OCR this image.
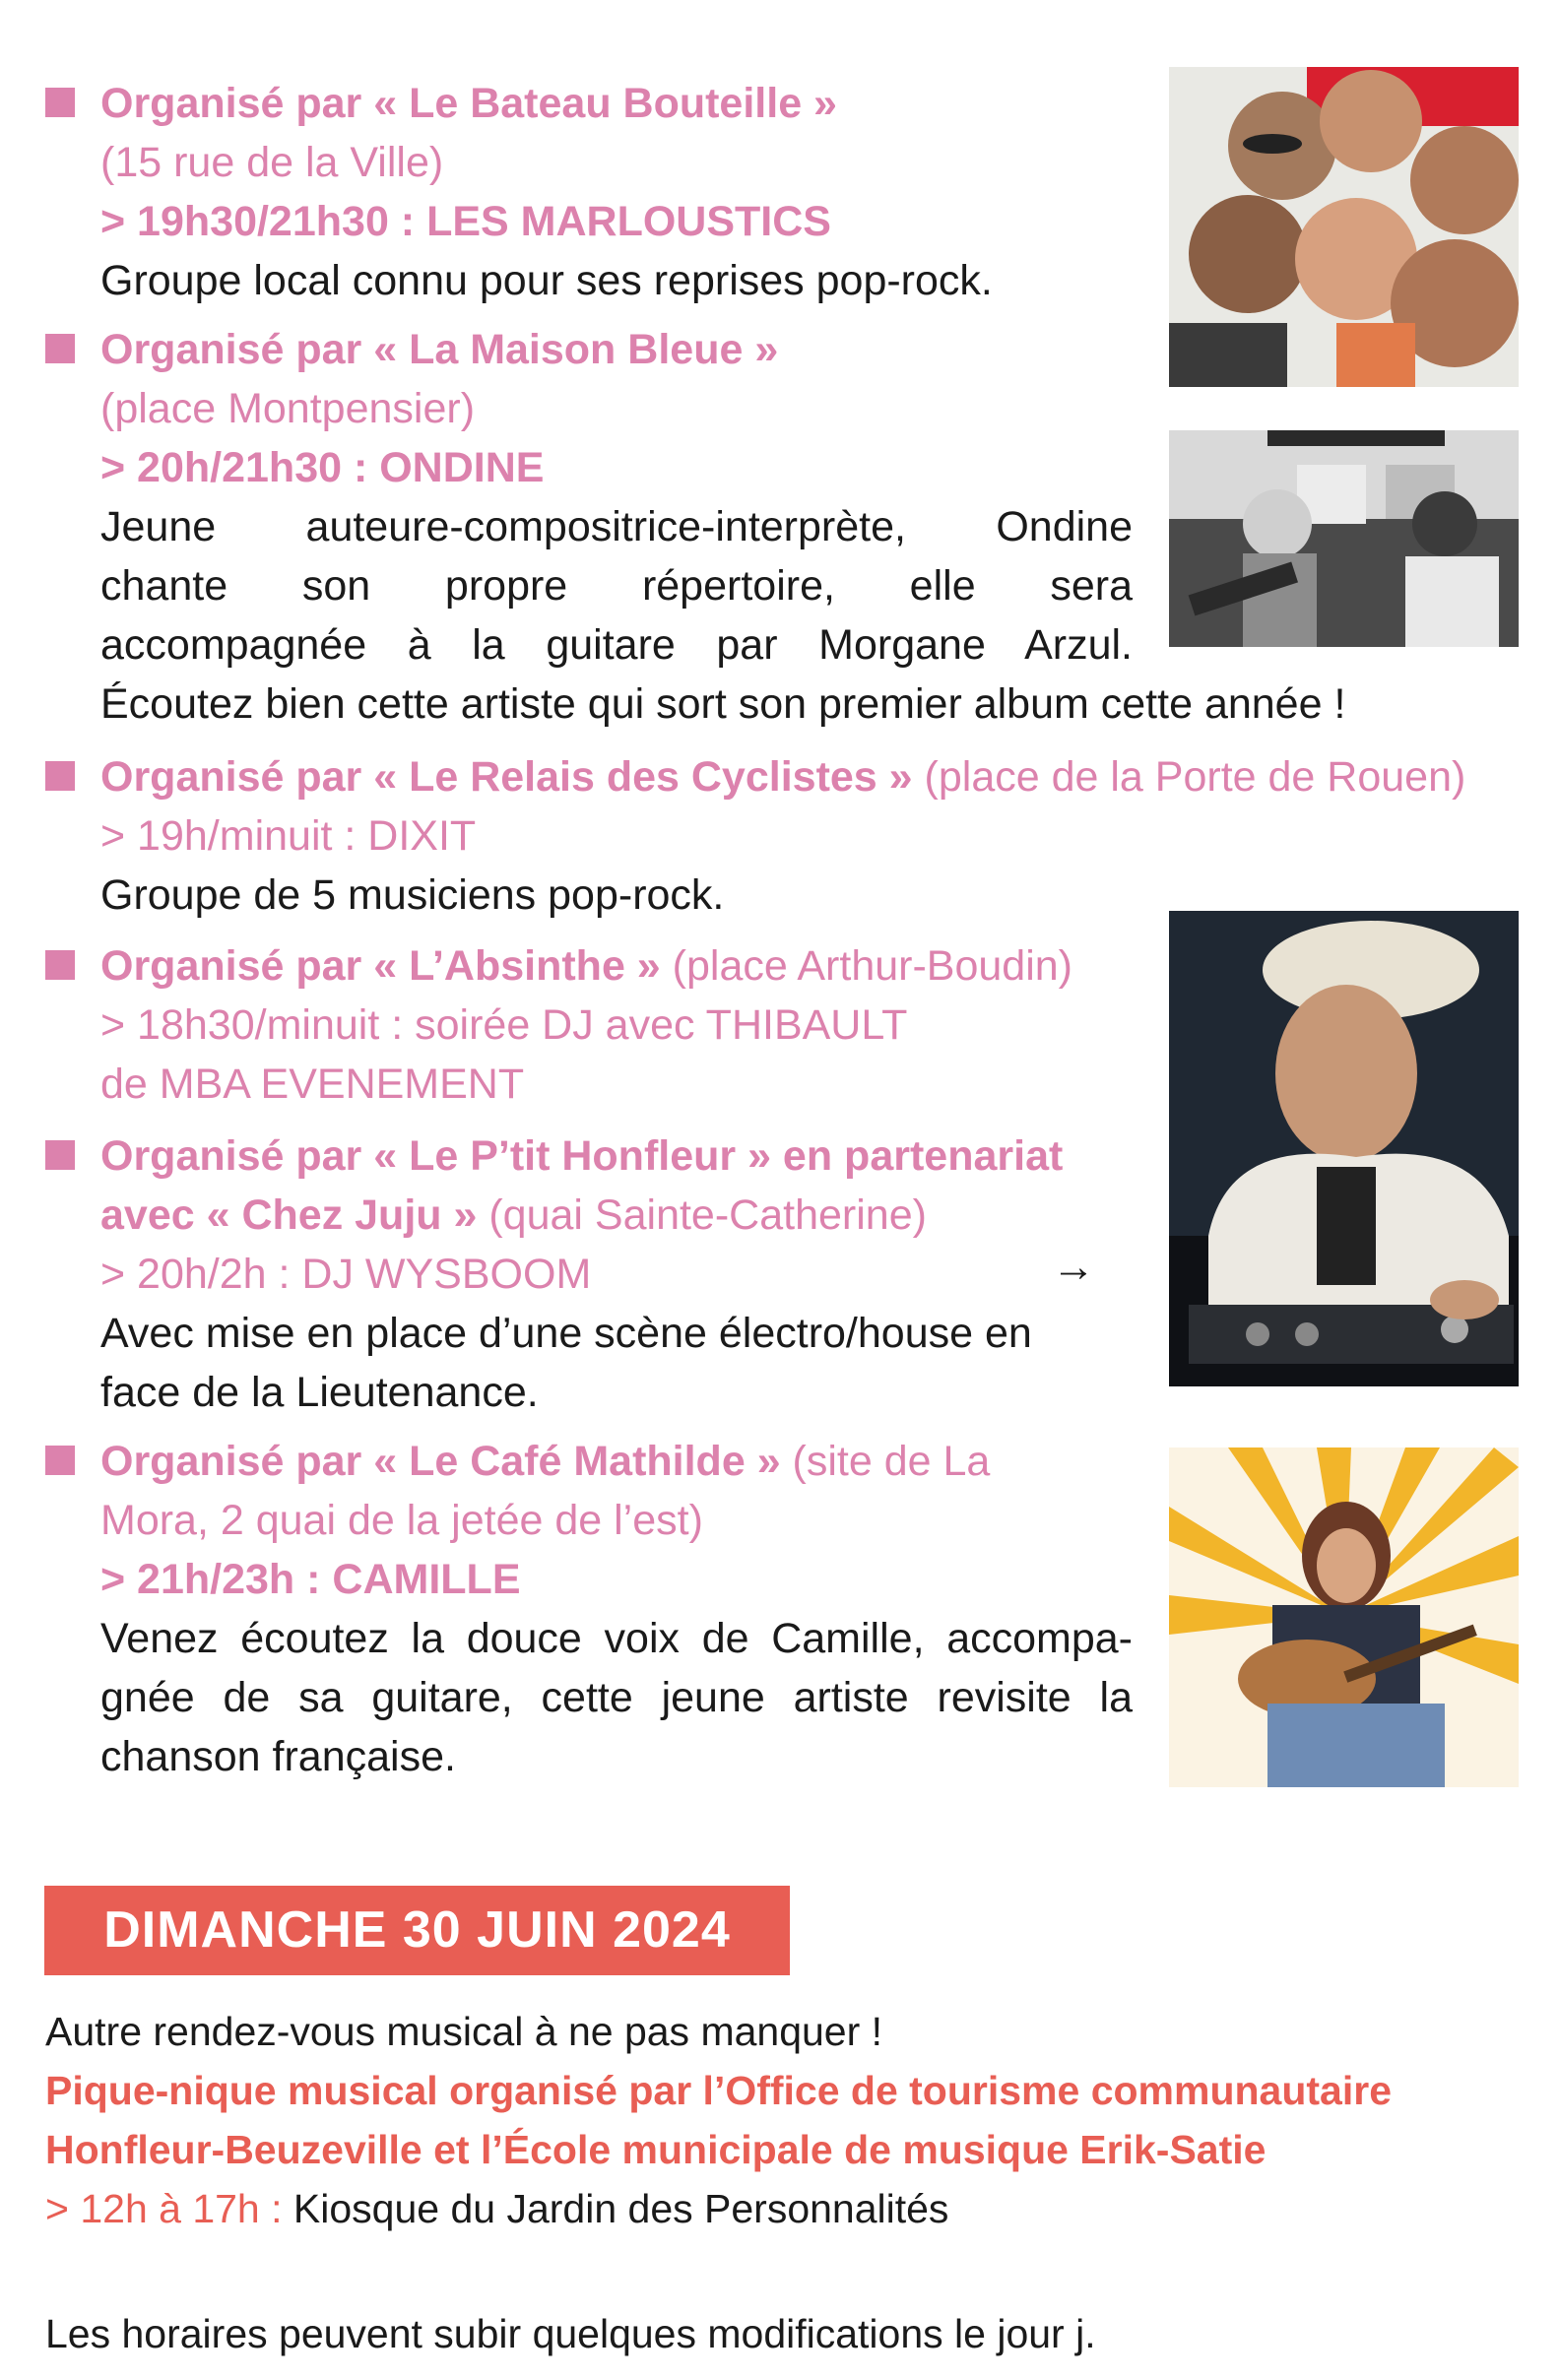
Organisé par « Le Bateau Bouteille »
(15 rue de la Ville)
> 19h30/21h30 : LES MARLOUSTICS
Groupe local connu pour ses reprises pop-rock.
Organisé par « La Maison Bleue »
(place Montpensier)
> 20h/21h30 : ONDINE
Jeune auteure-compositrice-interprète, Ondine
chante son propre répertoire, elle sera
accompagnée à la guitare par Morgane Arzul.
Écoutez bien cette artiste qui sort son premier album cette année !
Organisé par « Le Relais des Cyclistes » (place de la Porte de Rouen)
> 19h/minuit : DIXIT
Groupe de 5 musiciens pop-rock.
Organisé par « L’Absinthe » (place Arthur-Boudin)
> 18h30/minuit : soirée DJ avec THIBAULT
de MBA EVENEMENT
Organisé par « Le P’tit Honfleur » en partenariat
avec « Chez Juju » (quai Sainte-Catherine)
> 20h/2h : DJ WYSBOOM
Avec mise en place d’une scène électro/house en
face de la Lieutenance.
→
Organisé par « Le Café Mathilde » (site de La
Mora, 2 quai de la jetée de l’est)
> 21h/23h : CAMILLE
Venez écoutez la douce voix de Camille, accompa-
gnée de sa guitare, cette jeune artiste revisite la
chanson française.
DIMANCHE 30 JUIN 2024
Autre rendez-vous musical à ne pas manquer !
Pique-nique musical organisé par l’Office de tourisme communautaire
Honfleur-Beuzeville et l’École municipale de musique Erik-Satie
> 12h à 17h : Kiosque du Jardin des Personnalités
Les horaires peuvent subir quelques modifications le jour j.
